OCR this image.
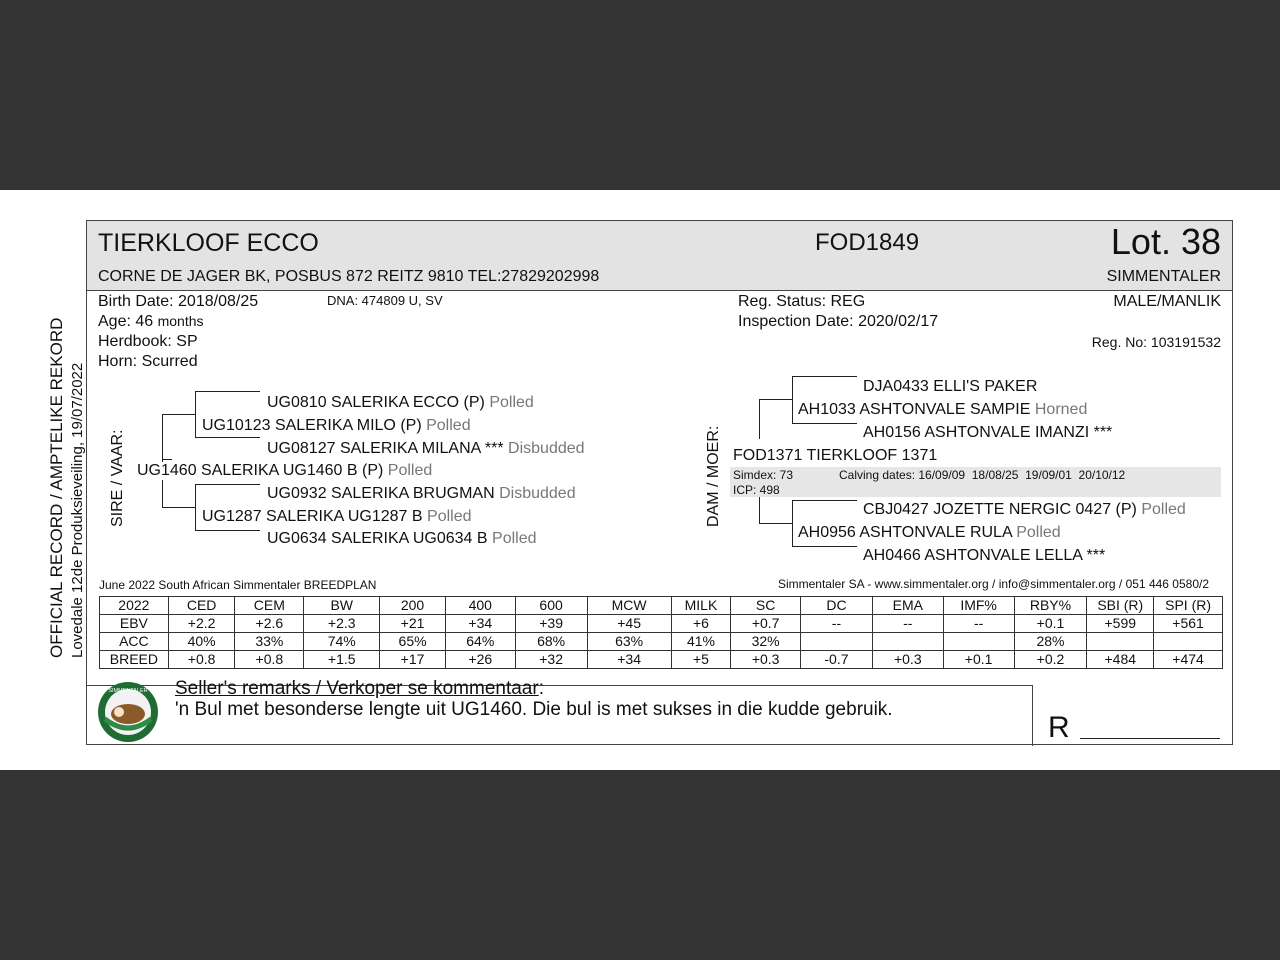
OFFICIAL RECORD / AMPTELIKE REKORD Lovedale 12de Produksieveiling, 19/07/2022
TIERKLOOF ECCO	FOD1849	Lot. 38
CORNE DE JAGER BK, POSBUS 872 REITZ 9810 TEL:27829202998	SIMMENTALER
Birth Date: 2018/08/25	DNA: 474809 U, SV
Age: 46 months
Herdbook: SP
Horn: Scurred
Reg. Status: REG
Inspection Date: 2020/02/17
MALE/MANLIK
Reg. No: 103191532
SIRE / VAAR:
UG0810 SALERIKA ECCO (P) Polled
UG10123 SALERIKA MILO (P) Polled
UG08127 SALERIKA MILANA *** Disbudded
UG1460 SALERIKA UG1460 B (P) Polled
UG0932 SALERIKA BRUGMAN Disbudded
UG1287 SALERIKA UG1287 B Polled
UG0634 SALERIKA UG0634 B Polled
DAM / MOER:
DJA0433 ELLI'S PAKER
AH1033 ASHTONVALE SAMPIE Horned
AH0156 ASHTONVALE IMANZI ***
FOD1371 TIERKLOOF 1371
Simdex: 73
ICP: 498
Calving dates: 16/09/09  18/08/25  19/09/01  20/10/12
CBJ0427 JOZETTE NERGIC 0427 (P) Polled
AH0956 ASHTONVALE RULA Polled
AH0466 ASHTONVALE LELLA ***
June 2022 South African Simmentaler BREEDPLAN	Simmentaler SA - www.simmentaler.org / info@simmentaler.org / 051 446 0580/2
2022	CED	CEM	BW	200	400	600	MCW	MILK	SC	DC	EMA	IMF%	RBY%	SBI (R)	SPI (R)
EBV	+2.2	+2.6	+2.3	+21	+34	+39	+45	+6	+0.7	--	--	--	+0.1	+599	+561
ACC	40%	33%	74%	65%	64%	68%	63%	41%	32%				28%		
BREED	+0.8	+0.8	+1.5	+17	+26	+32	+34	+5	+0.3	-0.7	+0.3	+0.1	+0.2	+484	+474
SIMMENTALER Seller's remarks / Verkoper se kommentaar:
'n Bul met besonderse lengte uit UG1460. Die bul is met sukses in die kudde gebruik.
R
